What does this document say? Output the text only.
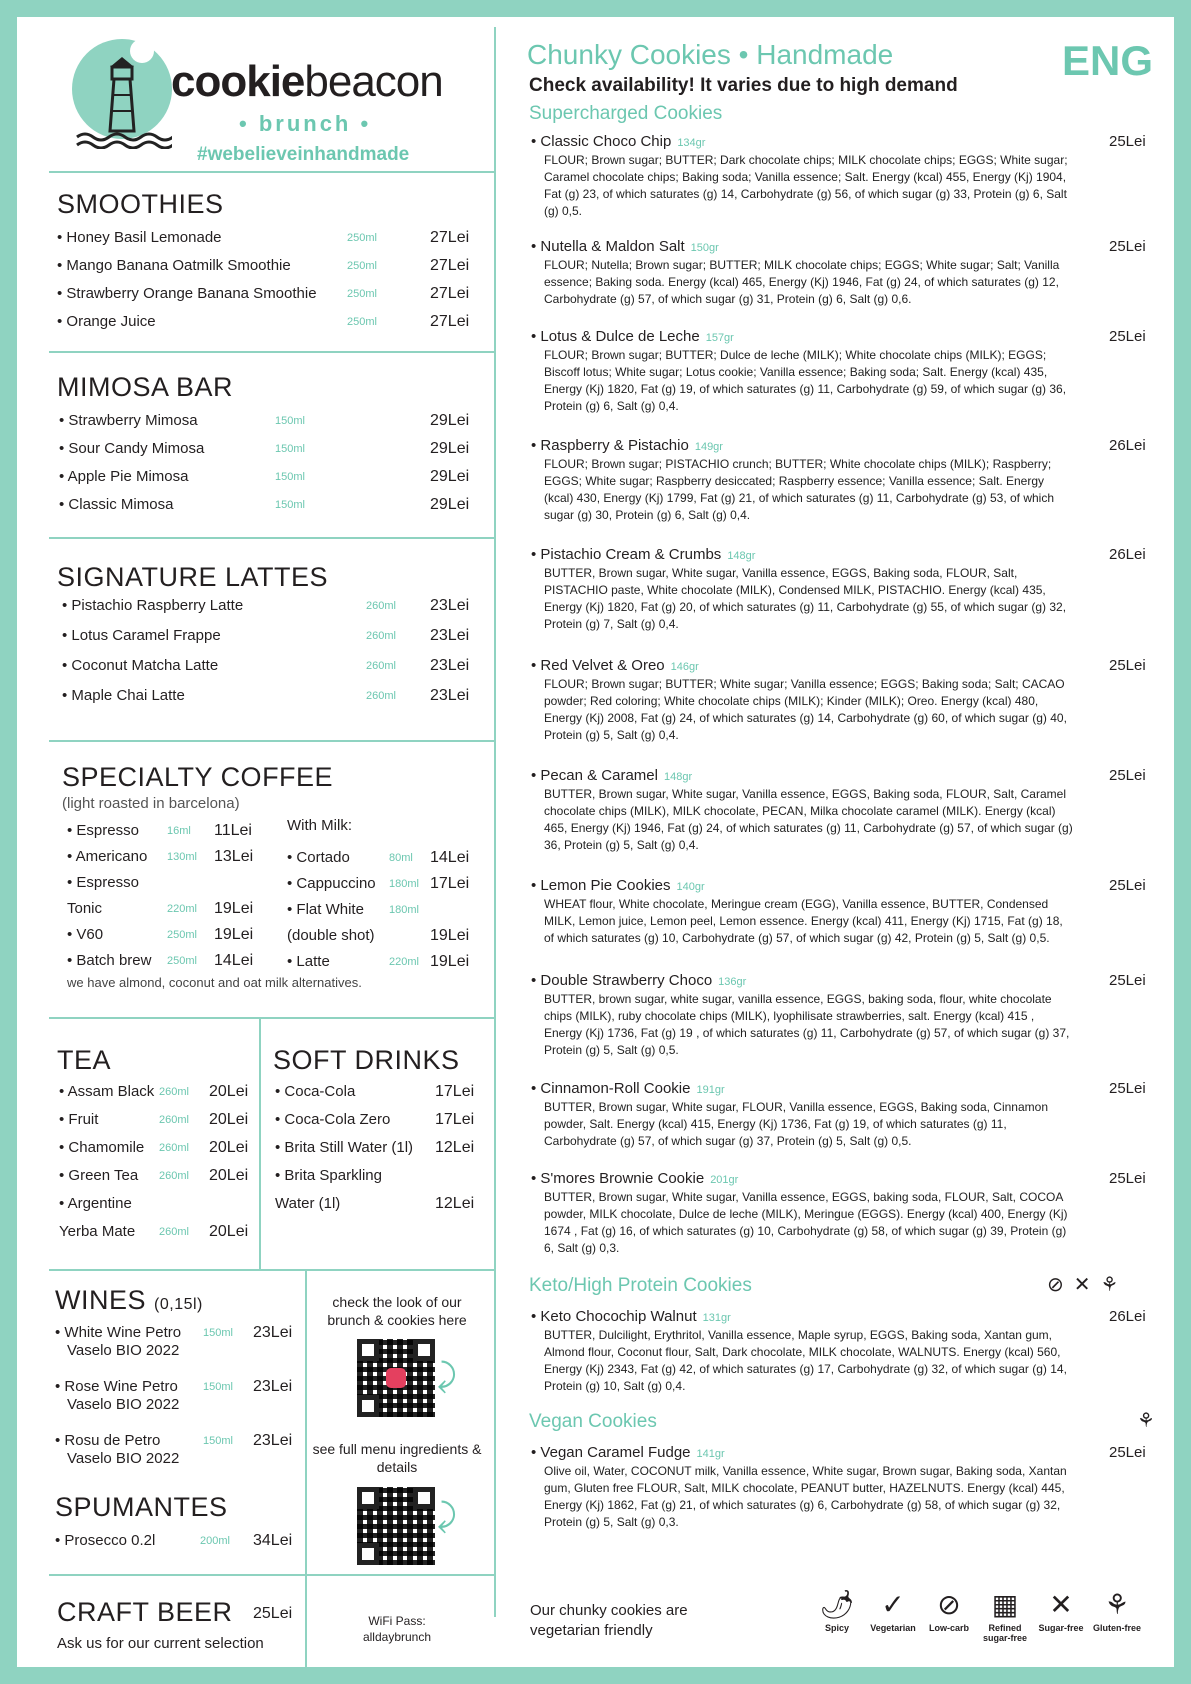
cookiebeacon
• brunch •
#webelieveinhandmade
SMOOTHIES
MIMOSA BAR
SIGNATURE LATTES
SPECIALTY COFFEE
(light roasted in barcelona)
With Milk:
we have almond, coconut and oat milk alternatives.
TEA	SOFT DRINKS
WINES (0,15l)
SPUMANTES
CRAFT BEER 25Lei
Ask us for our current selection
check the look of our brunch & cookies here
⤸
see full menu ingredients & details
⤸
WiFi Pass:
alldaybrunch
Chunky Cookies • Handmade	ENG
Check availability! It varies due to high demand
Supercharged Cookies
Keto/High Protein Cookies	⊘✕⚘
Vegan Cookies	⚘
Our chunky cookies are vegetarian friendly
🌶
Spicy
✓
Vegetarian
⊘
Low-carb
▦
Refined sugar-free
✕
Sugar-free
⚘
Gluten-free
• Honey Basil Lemonade	250ml	27Lei
• Mango Banana Oatmilk Smoothie	250ml	27Lei
• Strawberry Orange Banana Smoothie	250ml	27Lei
• Orange Juice	250ml	27Lei
• Strawberry Mimosa	150ml	29Lei
• Sour Candy Mimosa	150ml	29Lei
• Apple Pie Mimosa	150ml	29Lei
• Classic Mimosa	150ml	29Lei
• Pistachio Raspberry Latte	260ml 23Lei
• Lotus Caramel Frappe	260ml 23Lei
• Coconut Matcha Latte	260ml 23Lei
• Maple Chai Latte	260ml 23Lei
• Espresso	16ml 11Lei
• Americano 130ml 13Lei
• Espresso
Tonic	220ml 19Lei
• V60	250ml 19Lei
• Batch brew 250ml 14Lei
• Cortado	80ml 14Lei
• Cappuccino 180ml 17Lei
• Flat White 180ml
(double shot)	19Lei
• Latte	220ml 19Lei
• Assam Black 260ml 20Lei
• Fruit	260ml 20Lei
• Chamomile 260ml 20Lei
• Green Tea 260ml 20Lei
• Argentine
Yerba Mate 260ml 20Lei
• Coca-Cola	17Lei
• Coca-Cola Zero	17Lei
• Brita Still Water (1l) 12Lei
• Brita Sparkling
Water (1l)	12Lei
• White Wine Petro
Vaselo BIO 2022
150ml 23Lei
• Rose Wine Petro
Vaselo BIO 2022
150ml 23Lei
• Rosu de Petro
Vaselo BIO 2022
150ml 23Lei
• Prosecco 0.2l	200ml 34Lei
• Classic Choco Chip 134gr	25Lei
FLOUR; Brown sugar; BUTTER; Dark chocolate chips; MILK chocolate chips; EGGS; White sugar; Caramel chocolate chips; Baking soda; Vanilla essence; Salt. Energy (kcal) 455, Energy (Kj) 1904, Fat (g) 23, of which saturates (g) 14, Carbohydrate (g) 56, of which sugar (g) 33, Protein (g) 6, Salt (g) 0,5.
• Nutella & Maldon Salt 150gr	25Lei
FLOUR; Nutella; Brown sugar; BUTTER; MILK chocolate chips; EGGS; White sugar; Salt; Vanilla essence; Baking soda. Energy (kcal) 465, Energy (Kj) 1946, Fat (g) 24, of which saturates (g) 12, Carbohydrate (g) 57, of which sugar (g) 31, Protein (g) 6, Salt (g) 0,6.
• Lotus & Dulce de Leche 157gr	25Lei
FLOUR; Brown sugar; BUTTER; Dulce de leche (MILK); White chocolate chips (MILK); EGGS; Biscoff lotus; White sugar; Lotus cookie; Vanilla essence; Baking soda; Salt. Energy (kcal) 435, Energy (Kj) 1820, Fat (g) 19, of which saturates (g) 11, Carbohydrate (g) 59, of which sugar (g) 36, Protein (g) 6, Salt (g) 0,4.
• Raspberry & Pistachio 149gr	26Lei
FLOUR; Brown sugar; PISTACHIO crunch; BUTTER; White chocolate chips (MILK); Raspberry; EGGS; White sugar; Raspberry desiccated; Raspberry essence; Vanilla essence; Salt. Energy (kcal) 430, Energy (Kj) 1799, Fat (g) 21, of which saturates (g) 11, Carbohydrate (g) 53, of which sugar (g) 30, Protein (g) 6, Salt (g) 0,4.
• Pistachio Cream & Crumbs 148gr	26Lei
BUTTER, Brown sugar, White sugar, Vanilla essence, EGGS, Baking soda, FLOUR, Salt, PISTACHIO paste, White chocolate (MILK), Condensed MILK, PISTACHIO. Energy (kcal) 435, Energy (Kj) 1820, Fat (g) 20, of which saturates (g) 11, Carbohydrate (g) 55, of which sugar (g) 32, Protein (g) 7, Salt (g) 0,4.
• Red Velvet & Oreo 146gr	25Lei
FLOUR; Brown sugar; BUTTER; White sugar; Vanilla essence; EGGS; Baking soda; Salt; CACAO powder; Red coloring; White chocolate chips (MILK); Kinder (MILK); Oreo. Energy (kcal) 480, Energy (Kj) 2008, Fat (g) 24, of which saturates (g) 14, Carbohydrate (g) 60, of which sugar (g) 40, Protein (g) 5, Salt (g) 0,4.
• Pecan & Caramel 148gr	25Lei
BUTTER, Brown sugar, White sugar, Vanilla essence, EGGS, Baking soda, FLOUR, Salt, Caramel chocolate chips (MILK), MILK chocolate, PECAN, Milka chocolate caramel (MILK). Energy (kcal) 465, Energy (Kj) 1946, Fat (g) 24, of which saturates (g) 11, Carbohydrate (g) 57, of which sugar (g) 36, Protein (g) 5, Salt (g) 0,4.
• Lemon Pie Cookies 140gr	25Lei
WHEAT flour, White chocolate, Meringue cream (EGG), Vanilla essence, BUTTER, Condensed MILK, Lemon juice, Lemon peel, Lemon essence. Energy (kcal) 411, Energy (Kj) 1715, Fat (g) 18, of which saturates (g) 10, Carbohydrate (g) 57, of which sugar (g) 42, Protein (g) 5, Salt (g) 0,5.
• Double Strawberry Choco 136gr	25Lei
BUTTER, brown sugar, white sugar, vanilla essence, EGGS, baking soda, flour, white chocolate chips (MILK), ruby chocolate chips (MILK), lyophilisate strawberries, salt. Energy (kcal) 415 , Energy (Kj) 1736, Fat (g) 19 , of which saturates (g) 11, Carbohydrate (g) 57, of which sugar (g) 37, Protein (g) 5, Salt (g) 0,5.
• Cinnamon-Roll Cookie 191gr	25Lei
BUTTER, Brown sugar, White sugar, FLOUR, Vanilla essence, EGGS, Baking soda, Cinnamon powder, Salt. Energy (kcal) 415, Energy (Kj) 1736, Fat (g) 19, of which saturates (g) 11, Carbohydrate (g) 57, of which sugar (g) 37, Protein (g) 5, Salt (g) 0,5.
• S'mores Brownie Cookie 201gr	25Lei
BUTTER, Brown sugar, White sugar, Vanilla essence, EGGS, baking soda, FLOUR, Salt, COCOA powder, MILK chocolate, Dulce de leche (MILK), Meringue (EGGS). Energy (kcal) 400, Energy (Kj) 1674 , Fat (g) 16, of which saturates (g) 10, Carbohydrate (g) 58, of which sugar (g) 39, Protein (g) 6, Salt (g) 0,3.
• Keto Chocochip Walnut 131gr	26Lei
BUTTER, Dulcilight, Erythritol, Vanilla essence, Maple syrup, EGGS, Baking soda, Xantan gum, Almond flour, Coconut flour, Salt, Dark chocolate, MILK chocolate, WALNUTS. Energy (kcal) 560, Energy (Kj) 2343, Fat (g) 42, of which saturates (g) 17, Carbohydrate (g) 32, of which sugar (g) 14, Protein (g) 10, Salt (g) 0,4.
• Vegan Caramel Fudge 141gr	25Lei
Olive oil, Water, COCONUT milk, Vanilla essence, White sugar, Brown sugar, Baking soda, Xantan gum, Gluten free FLOUR, Salt, MILK chocolate, PEANUT butter, HAZELNUTS. Energy (kcal) 445, Energy (Kj) 1862, Fat (g) 21, of which saturates (g) 6, Carbohydrate (g) 58, of which sugar (g) 32, Protein (g) 5, Salt (g) 0,3.
